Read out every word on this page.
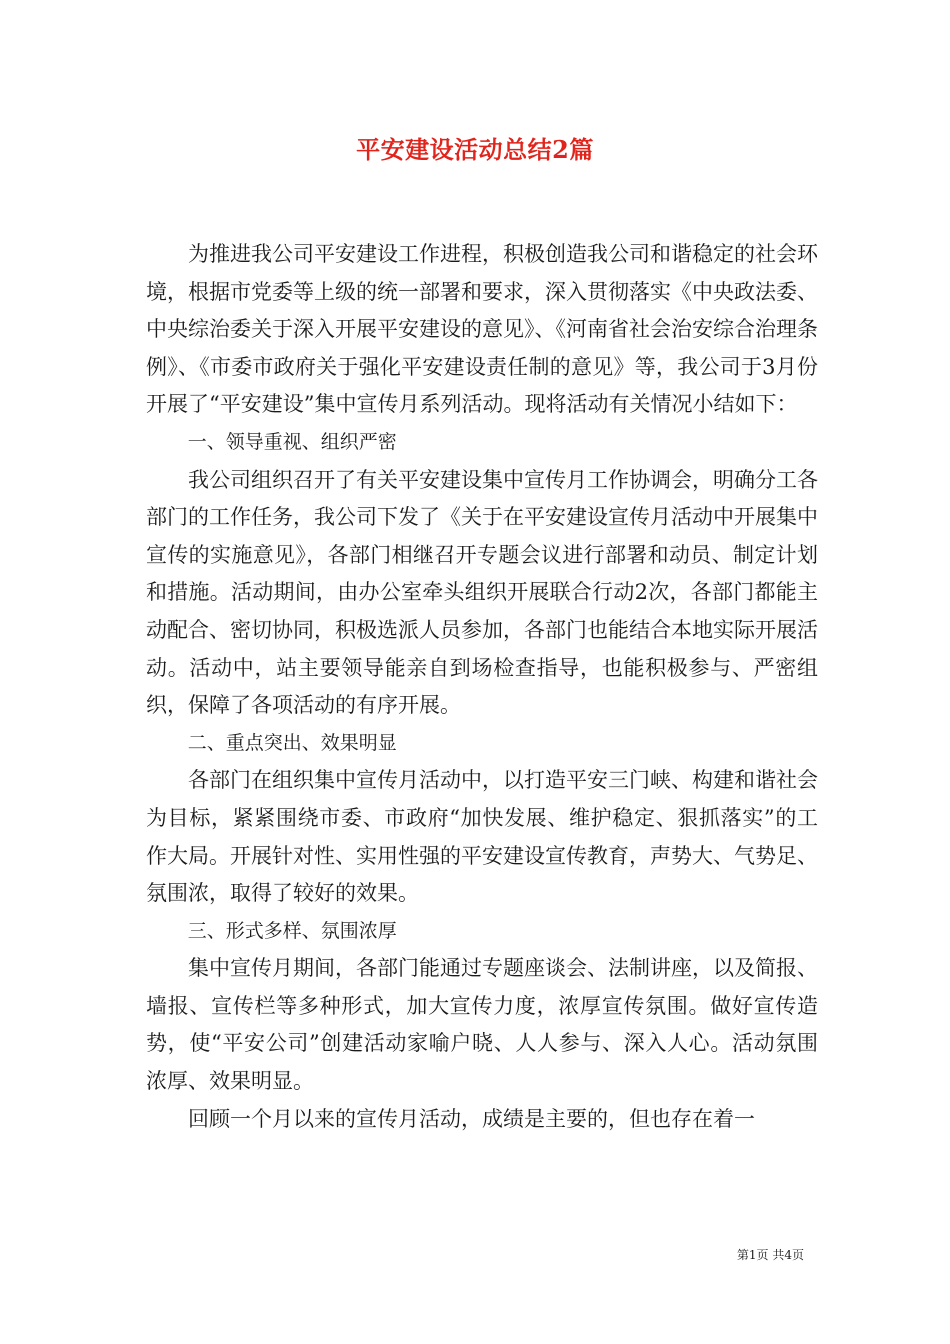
平安建设活动总结2篇

为推进我公司平安建设工作进程，积极创造我公司和谐稳定的社会环境，根据市党委等上级的统一部署和要求，深入贯彻落实《中央政法委、中央综治委关于深入开展平安建设的意见》、《河南省社会治安综合治理条例》、《市委市政府关于强化平安建设责任制的意见》等，我公司于3月份开展了“平安建设”集中宣传月系列活动。现将活动有关情况小结如下：

一、领导重视、组织严密

我公司组织召开了有关平安建设集中宣传月工作协调会，明确分工各部门的工作任务，我公司下发了《关于在平安建设宣传月活动中开展集中宣传的实施意见》，各部门相继召开专题会议进行部署和动员、制定计划和措施。活动期间，由办公室牵头组织开展联合行动2次，各部门都能主动配合、密切协同，积极选派人员参加，各部门也能结合本地实际开展活动。活动中，站主要领导能亲自到场检查指导，也能积极参与、严密组织，保障了各项活动的有序开展。

二、重点突出、效果明显

各部门在组织集中宣传月活动中，以打造平安三门峡、构建和谐社会为目标，紧紧围绕市委、市政府“加快发展、维护稳定、狠抓落实”的工作大局。开展针对性、实用性强的平安建设宣传教育，声势大、气势足、氛围浓，取得了较好的效果。

三、形式多样、氛围浓厚

集中宣传月期间，各部门能通过专题座谈会、法制讲座，以及简报、墙报、宣传栏等多种形式，加大宣传力度，浓厚宣传氛围。做好宣传造势，使“平安公司”创建活动家喻户晓、人人参与、深入人心。活动氛围浓厚、效果明显。

回顾一个月以来的宣传月活动，成绩是主要的，但也存在着一

第1页 共4页
